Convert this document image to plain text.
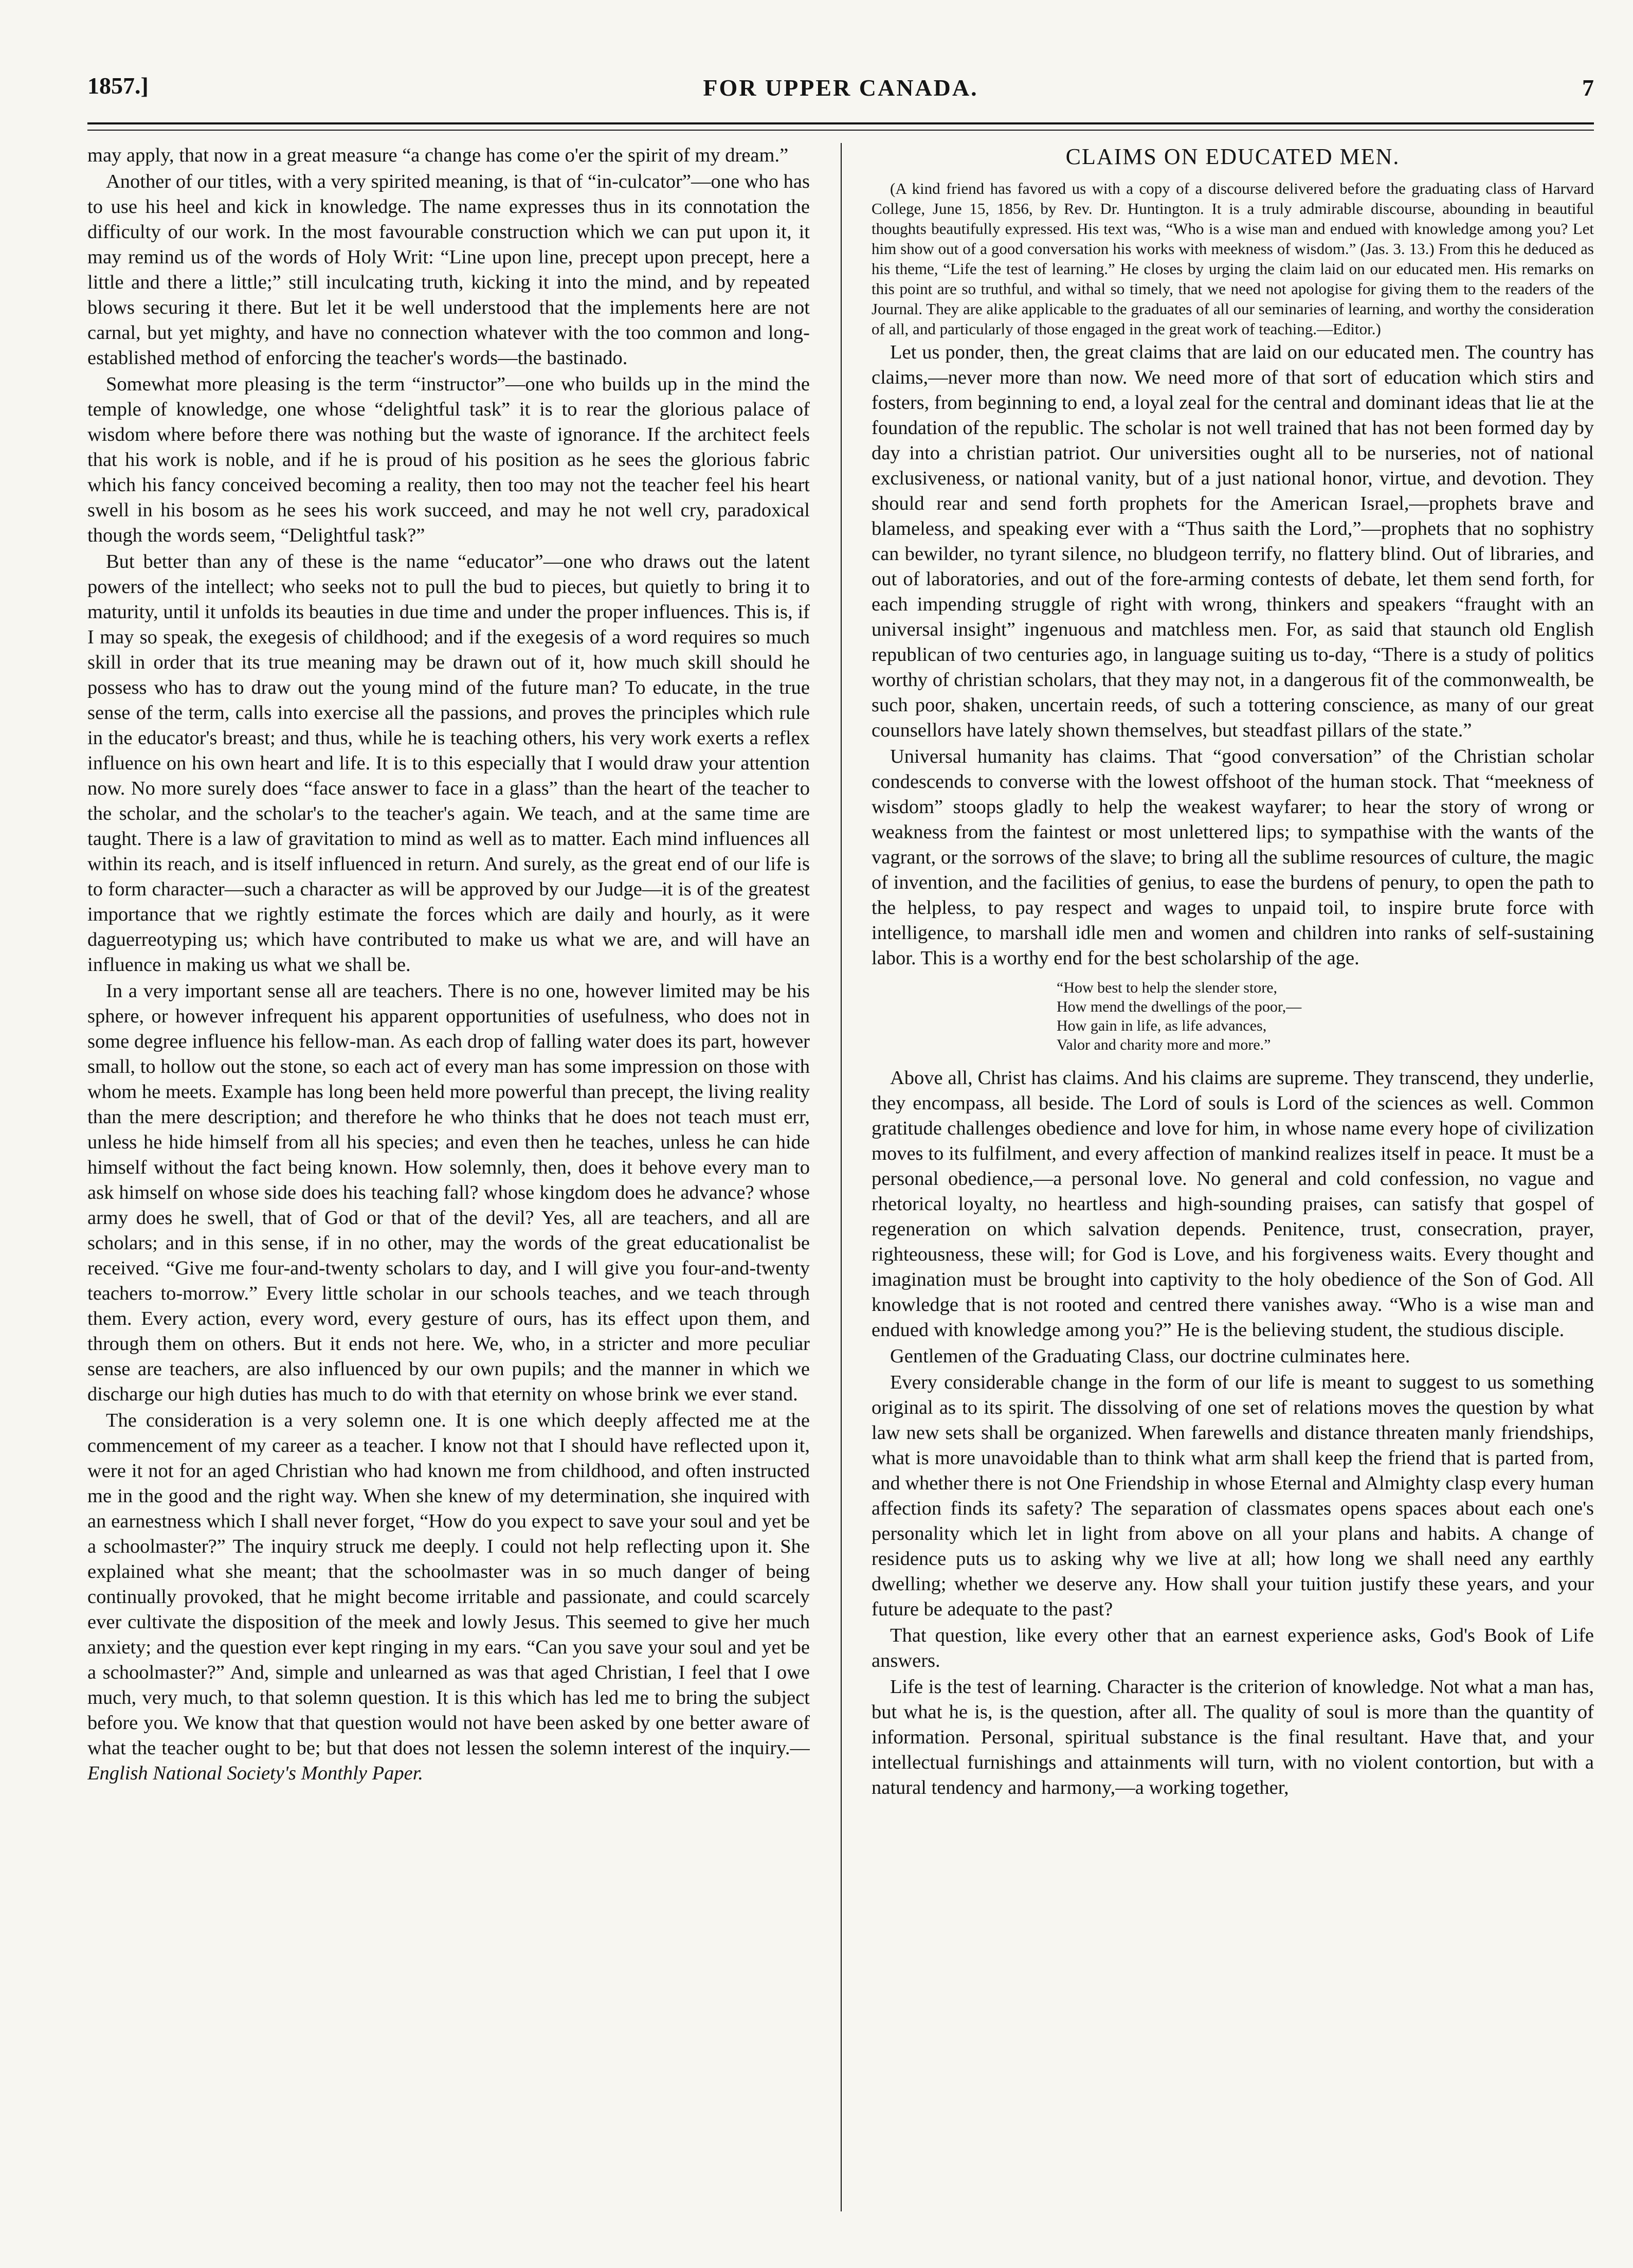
1857.]	FOR UPPER CANADA.	7

may apply, that now in a great measure “a change has come o'er the spirit of my dream.”

Another of our titles, with a very spirited meaning, is that of “in-culcator”—one who has to use his heel and kick in knowledge. The name expresses thus in its connotation the difficulty of our work. In the most favourable construction which we can put upon it, it may remind us of the words of Holy Writ: “Line upon line, precept upon precept, here a little and there a little;” still inculcating truth, kicking it into the mind, and by repeated blows securing it there. But let it be well understood that the implements here are not carnal, but yet mighty, and have no connection whatever with the too common and long-established method of enforcing the teacher's words—the bastinado.

Somewhat more pleasing is the term “instructor”—one who builds up in the mind the temple of knowledge, one whose “delightful task” it is to rear the glorious palace of wisdom where before there was nothing but the waste of ignorance. If the architect feels that his work is noble, and if he is proud of his position as he sees the glorious fabric which his fancy conceived becoming a reality, then too may not the teacher feel his heart swell in his bosom as he sees his work succeed, and may he not well cry, paradoxical though the words seem, “Delightful task?”

But better than any of these is the name “educator”—one who draws out the latent powers of the intellect; who seeks not to pull the bud to pieces, but quietly to bring it to maturity, until it unfolds its beauties in due time and under the proper influences. This is, if I may so speak, the exegesis of childhood; and if the exegesis of a word requires so much skill in order that its true meaning may be drawn out of it, how much skill should he possess who has to draw out the young mind of the future man? To educate, in the true sense of the term, calls into exercise all the passions, and proves the principles which rule in the educator's breast; and thus, while he is teaching others, his very work exerts a reflex influence on his own heart and life. It is to this especially that I would draw your attention now. No more surely does “face answer to face in a glass” than the heart of the teacher to the scholar, and the scholar's to the teacher's again. We teach, and at the same time are taught. There is a law of gravitation to mind as well as to matter. Each mind influences all within its reach, and is itself influenced in return. And surely, as the great end of our life is to form character—such a character as will be approved by our Judge—it is of the greatest importance that we rightly estimate the forces which are daily and hourly, as it were daguerreotyping us; which have contributed to make us what we are, and will have an influence in making us what we shall be.

In a very important sense all are teachers. There is no one, however limited may be his sphere, or however infrequent his apparent opportunities of usefulness, who does not in some degree influence his fellow-man. As each drop of falling water does its part, however small, to hollow out the stone, so each act of every man has some impression on those with whom he meets. Example has long been held more powerful than precept, the living reality than the mere description; and therefore he who thinks that he does not teach must err, unless he hide himself from all his species; and even then he teaches, unless he can hide himself without the fact being known. How solemnly, then, does it behove every man to ask himself on whose side does his teaching fall? whose kingdom does he advance? whose army does he swell, that of God or that of the devil? Yes, all are teachers, and all are scholars; and in this sense, if in no other, may the words of the great educationalist be received. “Give me four-and-twenty scholars to day, and I will give you four-and-twenty teachers to-morrow.” Every little scholar in our schools teaches, and we teach through them. Every action, every word, every gesture of ours, has its effect upon them, and through them on others. But it ends not here. We, who, in a stricter and more peculiar sense are teachers, are also influenced by our own pupils; and the manner in which we discharge our high duties has much to do with that eternity on whose brink we ever stand.

The consideration is a very solemn one. It is one which deeply affected me at the commencement of my career as a teacher. I know not that I should have reflected upon it, were it not for an aged Christian who had known me from childhood, and often instructed me in the good and the right way. When she knew of my determination, she inquired with an earnestness which I shall never forget, “How do you expect to save your soul and yet be a schoolmaster?” The inquiry struck me deeply. I could not help reflecting upon it. She explained what she meant; that the schoolmaster was in so much danger of being continually provoked, that he might become irritable and passionate, and could scarcely ever cultivate the disposition of the meek and lowly Jesus. This seemed to give her much anxiety; and the question ever kept ringing in my ears. “Can you save your soul and yet be a schoolmaster?” And, simple and unlearned as was that aged Christian, I feel that I owe much, very much, to that solemn question. It is this which has led me to bring the subject before you. We know that that question would not have been asked by one better aware of what the teacher ought to be; but that does not lessen the solemn interest of the inquiry.—English National Society's Monthly Paper.

CLAIMS ON EDUCATED MEN.

(A kind friend has favored us with a copy of a discourse delivered before the graduating class of Harvard College, June 15, 1856, by Rev. Dr. Huntington. It is a truly admirable discourse, abounding in beautiful thoughts beautifully expressed. His text was, “Who is a wise man and endued with knowledge among you? Let him show out of a good conversation his works with meekness of wisdom.” (Jas. 3. 13.) From this he deduced as his theme, “Life the test of learning.” He closes by urging the claim laid on our educated men. His remarks on this point are so truthful, and withal so timely, that we need not apologise for giving them to the readers of the Journal. They are alike applicable to the graduates of all our seminaries of learning, and worthy the consideration of all, and particularly of those engaged in the great work of teaching.—Editor.)

Let us ponder, then, the great claims that are laid on our educated men. The country has claims,—never more than now. We need more of that sort of education which stirs and fosters, from beginning to end, a loyal zeal for the central and dominant ideas that lie at the foundation of the republic. The scholar is not well trained that has not been formed day by day into a christian patriot. Our universities ought all to be nurseries, not of national exclusiveness, or national vanity, but of a just national honor, virtue, and devotion. They should rear and send forth prophets for the American Israel,—prophets brave and blameless, and speaking ever with a “Thus saith the Lord,”—prophets that no sophistry can bewilder, no tyrant silence, no bludgeon terrify, no flattery blind. Out of libraries, and out of laboratories, and out of the fore-arming contests of debate, let them send forth, for each impending struggle of right with wrong, thinkers and speakers “fraught with an universal insight” ingenuous and matchless men. For, as said that staunch old English republican of two centuries ago, in language suiting us to-day, “There is a study of politics worthy of christian scholars, that they may not, in a dangerous fit of the commonwealth, be such poor, shaken, uncertain reeds, of such a tottering conscience, as many of our great counsellors have lately shown themselves, but steadfast pillars of the state.”

Universal humanity has claims. That “good conversation” of the Christian scholar condescends to converse with the lowest offshoot of the human stock. That “meekness of wisdom” stoops gladly to help the weakest wayfarer; to hear the story of wrong or weakness from the faintest or most unlettered lips; to sympathise with the wants of the vagrant, or the sorrows of the slave; to bring all the sublime resources of culture, the magic of invention, and the facilities of genius, to ease the burdens of penury, to open the path to the helpless, to pay respect and wages to unpaid toil, to inspire brute force with intelligence, to marshall idle men and women and children into ranks of self-sustaining labor. This is a worthy end for the best scholarship of the age.

“How best to help the slender store,
How mend the dwellings of the poor,—
How gain in life, as life advances,
Valor and charity more and more.”

Above all, Christ has claims. And his claims are supreme. They transcend, they underlie, they encompass, all beside. The Lord of souls is Lord of the sciences as well. Common gratitude challenges obedience and love for him, in whose name every hope of civilization moves to its fulfilment, and every affection of mankind realizes itself in peace. It must be a personal obedience,—a personal love. No general and cold confession, no vague and rhetorical loyalty, no heartless and high-sounding praises, can satisfy that gospel of regeneration on which salvation depends. Penitence, trust, consecration, prayer, righteousness, these will; for God is Love, and his forgiveness waits. Every thought and imagination must be brought into captivity to the holy obedience of the Son of God. All knowledge that is not rooted and centred there vanishes away. “Who is a wise man and endued with knowledge among you?” He is the believing student, the studious disciple.

Gentlemen of the Graduating Class, our doctrine culminates here.

Every considerable change in the form of our life is meant to suggest to us something original as to its spirit. The dissolving of one set of relations moves the question by what law new sets shall be organized. When farewells and distance threaten manly friendships, what is more unavoidable than to think what arm shall keep the friend that is parted from, and whether there is not One Friendship in whose Eternal and Almighty clasp every human affection finds its safety? The separation of classmates opens spaces about each one's personality which let in light from above on all your plans and habits. A change of residence puts us to asking why we live at all; how long we shall need any earthly dwelling; whether we deserve any. How shall your tuition justify these years, and your future be adequate to the past?

That question, like every other that an earnest experience asks, God's Book of Life answers.

Life is the test of learning. Character is the criterion of knowledge. Not what a man has, but what he is, is the question, after all. The quality of soul is more than the quantity of information. Personal, spiritual substance is the final resultant. Have that, and your intellectual furnishings and attainments will turn, with no violent contortion, but with a natural tendency and harmony,—a working together,
